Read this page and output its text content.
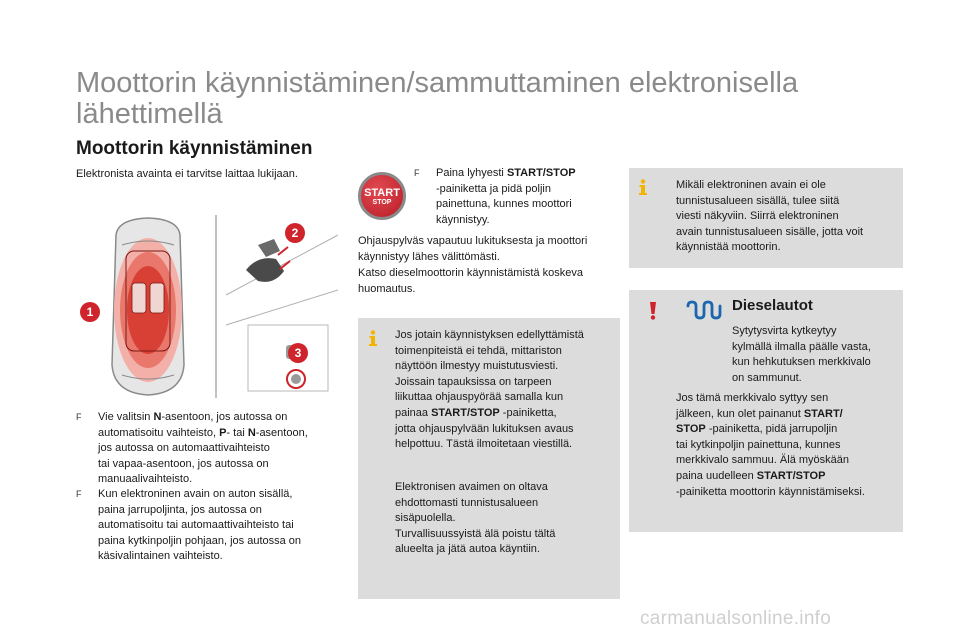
Moottorin käynnistäminen/sammuttaminen elektronisella lähettimellä
Moottorin käynnistäminen
Elektronista avainta ei tarvitse laittaa lukijaan.
1
2
3
F Vie valitsin N-asentoon, jos autossa on
automatisoitu vaihteisto, P- tai N-asentoon,
jos autossa on automaattivaihteisto
tai vapaa-asentoon, jos autossa on
manuaalivaihteisto.
F Kun elektroninen avain on auton sisällä,
paina jarrupoljinta, jos autossa on
automatisoitu tai automaattivaihteisto tai
paina kytkinpoljin pohjaan, jos autossa on
käsivalintainen vaihteisto.
START
STOP
F Paina lyhyesti START/STOP
-painiketta ja pidä poljin
painettuna, kunnes moottori
käynnistyy.
Ohjauspylväs vapautuu lukituksesta ja moottori
käynnistyy lähes välittömästi.
Katso dieselmoottorin käynnistämistä koskeva
huomautus.
Jos jotain käynnistyksen edellyttämistä
toimenpiteistä ei tehdä, mittariston
näyttöön ilmestyy muistutusviesti.
Joissain tapauksissa on tarpeen
liikuttaa ohjauspyörää samalla kun
painaa START/STOP -painiketta,
jotta ohjauspylvään lukituksen avaus
helpottuu. Tästä ilmoitetaan viestillä.
Elektronisen avaimen on oltava
ehdottomasti tunnistusalueen
sisäpuolella.
Turvallisuussyistä älä poistu tältä
alueelta ja jätä autoa käyntiin.
Mikäli elektroninen avain ei ole
tunnistusalueen sisällä, tulee siitä
viesti näkyviin. Siirrä elektroninen
avain tunnistusalueen sisälle, jotta voit
käynnistää moottorin.
Sytytysvirta kytkeytyy
kylmällä ilmalla päälle vasta,
kun hehkutuksen merkkivalo
on sammunut.
Jos tämä merkkivalo syttyy sen
jälkeen, kun olet painanut START/
STOP -painiketta, pidä jarrupoljin
tai kytkinpoljin painettuna, kunnes
merkkivalo sammuu. Älä myöskään
paina uudelleen START/STOP
-painiketta moottorin käynnistämiseksi.
Dieselautot
carmanualsonline.info
